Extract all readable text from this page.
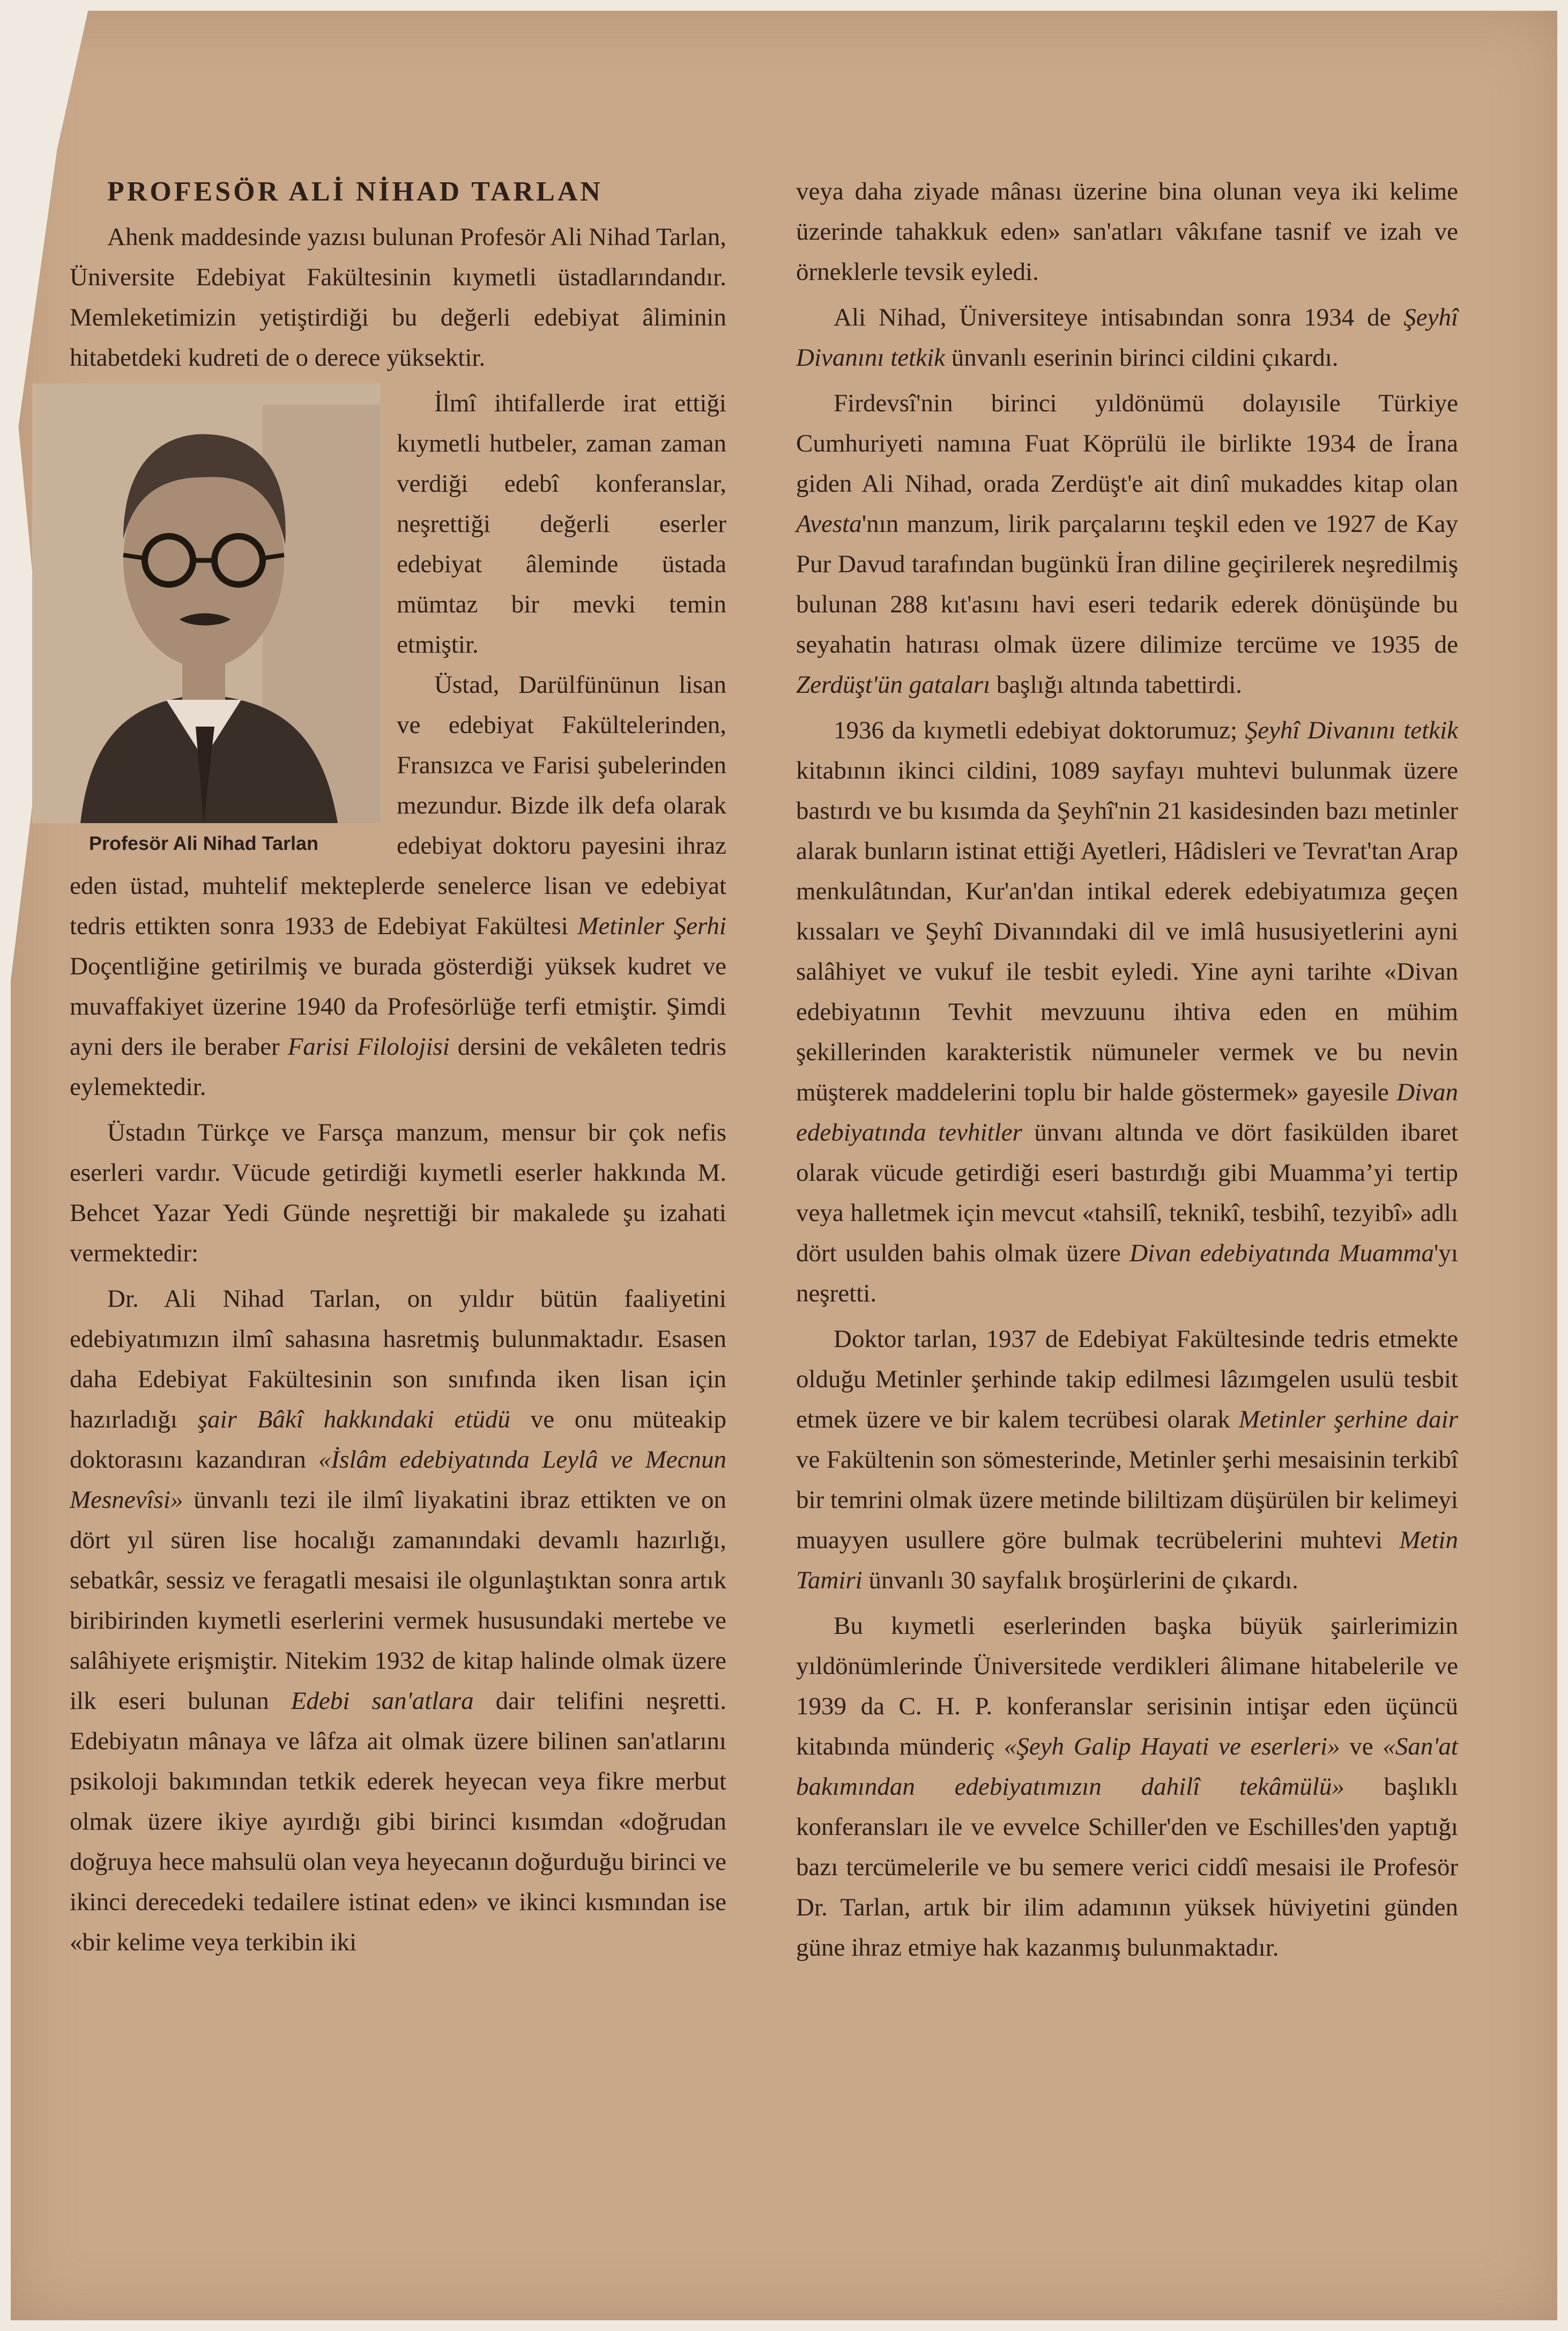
PROFESÖR ALİ NİHAD TARLAN

Ahenk maddesinde yazısı bulunan Profesör Ali Nihad Tarlan, Üniversite Edebiyat Fakültesinin kıymetli üstadlarındandır. Memleketimizin yetiştirdiği bu değerli edebiyat âliminin hitabetdeki kudreti de o derece yüksektir.

Profesör Ali Nihad Tarlan
İlmî ihtifallerde irat ettiği kıymetli hutbeler, zaman zaman verdiği edebî konferanslar, neşrettiği değerli eserler edebiyat âleminde üstada mümtaz bir mevki temin etmiştir.
Üstad, Darülfününun lisan ve edebiyat Fakültelerinden, Fransızca ve Farisi şubelerinden mezundur. Bizde ilk defa olarak edebiyat doktoru payesini ihraz eden üstad, muhtelif mekteplerde senelerce lisan ve edebiyat tedris ettikten sonra 1933 de Edebiyat Fakültesi Metinler Şerhi Doçentliğine getirilmiş ve burada gösterdiği yüksek kudret ve muvaffakiyet üzerine 1940 da Profesörlüğe terfi etmiştir. Şimdi ayni ders ile beraber Farisi Filolojisi dersini de vekâleten tedris eylemektedir.

Üstadın Türkçe ve Farsça manzum, mensur bir çok nefis eserleri vardır. Vücude getirdiği kıymetli eserler hakkında M. Behcet Yazar Yedi Günde neşrettiği bir makalede şu izahati vermektedir:

Dr. Ali Nihad Tarlan, on yıldır bütün faaliyetini edebiyatımızın ilmî sahasına hasretmiş bulunmaktadır. Esasen daha Edebiyat Fakültesinin son sınıfında iken lisan için hazırladığı şair Bâkî hakkındaki etüdü ve onu müteakip doktorasını kazandıran «İslâm edebiyatında Leylâ ve Mecnun Mesnevîsi» ünvanlı tezi ile ilmî liyakatini ibraz ettikten ve on dört yıl süren lise hocalığı zamanındaki devamlı hazırlığı, sebatkâr, sessiz ve feragatli mesaisi ile olgunlaştıktan sonra artık biribirinden kıymetli eserlerini vermek hususundaki mertebe ve salâhiyete erişmiştir. Nitekim 1932 de kitap halinde olmak üzere ilk eseri bulunan Edebi san'atlara dair telifini neşretti. Edebiyatın mânaya ve lâfza ait olmak üzere bilinen san'atlarını psikoloji bakımından tetkik ederek heyecan veya fikre merbut olmak üzere ikiye ayırdığı gibi birinci kısımdan «doğrudan doğruya hece mahsulü olan veya heyecanın doğurduğu birinci ve ikinci derecedeki tedailere istinat eden» ve ikinci kısmından ise «bir kelime veya terkibin iki

veya daha ziyade mânası üzerine bina olunan veya iki kelime üzerinde tahakkuk eden» san'atları vâkıfane tasnif ve izah ve örneklerle tevsik eyledi.

Ali Nihad, Üniversiteye intisabından sonra 1934 de Şeyhî Divanını tetkik ünvanlı eserinin birinci cildini çıkardı.

Firdevsî'nin birinci yıldönümü dolayısile Türkiye Cumhuriyeti namına Fuat Köprülü ile birlikte 1934 de İrana giden Ali Nihad, orada Zerdüşt'e ait dinî mukaddes kitap olan Avesta'nın manzum, lirik parçalarını teşkil eden ve 1927 de Kay Pur Davud tarafından bugünkü İran diline geçirilerek neşredilmiş bulunan 288 kıt'asını havi eseri tedarik ederek dönüşünde bu seyahatin hatırası olmak üzere dilimize tercüme ve 1935 de Zerdüşt'ün gataları başlığı altında tabettirdi.

1936 da kıymetli edebiyat doktorumuz; Şeyhî Divanını tetkik kitabının ikinci cildini, 1089 sayfayı muhtevi bulunmak üzere bastırdı ve bu kısımda da Şeyhî'nin 21 kasidesinden bazı metinler alarak bunların istinat ettiği Ayetleri, Hâdisleri ve Tevrat'tan Arap menkulâtından, Kur'an'dan intikal ederek edebiyatımıza geçen kıssaları ve Şeyhî Divanındaki dil ve imlâ hususiyetlerini ayni salâhiyet ve vukuf ile tesbit eyledi. Yine ayni tarihte «Divan edebiyatının Tevhit mevzuunu ihtiva eden en mühim şekillerinden karakteristik nümuneler vermek ve bu nevin müşterek maddelerini toplu bir halde göstermek» gayesile Divan edebiyatında tevhitler ünvanı altında ve dört fasikülden ibaret olarak vücude getirdiği eseri bastırdığı gibi Muammaʼyi tertip veya halletmek için mevcut «tahsilî, teknikî, tesbihî, tezyibî» adlı dört usulden bahis olmak üzere Divan edebiyatında Muamma'yı neşretti.

Doktor tarlan, 1937 de Edebiyat Fakültesinde tedris etmekte olduğu Metinler şerhinde takip edilmesi lâzımgelen usulü tesbit etmek üzere ve bir kalem tecrübesi olarak Metinler şerhine dair ve Fakültenin son sömesterinde, Metinler şerhi mesaisinin terkibî bir temrini olmak üzere metinde bililtizam düşürülen bir kelimeyi muayyen usullere göre bulmak tecrübelerini muhtevi Metin Tamiri ünvanlı 30 sayfalık broşürlerini de çıkardı.

Bu kıymetli eserlerinden başka büyük şairlerimizin yıldönümlerinde Üniversitede verdikleri âlimane hitabelerile ve 1939 da C. H. P. konferanslar serisinin intişar eden üçüncü kitabında münderiç «Şeyh Galip Hayati ve eserleri» ve «San'at bakımından edebiyatımızın dahilî tekâmülü» başlıklı konferansları ile ve evvelce Schiller'den ve Eschilles'den yaptığı bazı tercümelerile ve bu semere verici ciddî mesaisi ile Profesör Dr. Tarlan, artık bir ilim adamının yüksek hüviyetini günden güne ihraz etmiye hak kazanmış bulunmaktadır.
